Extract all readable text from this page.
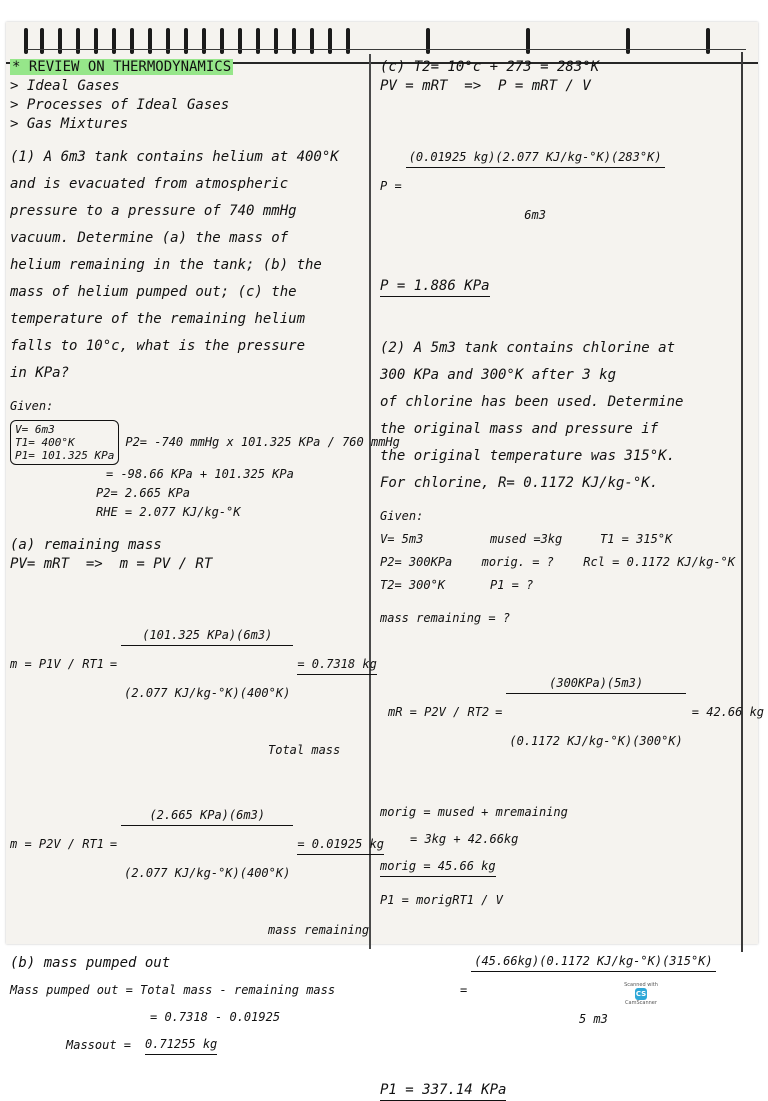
* REVIEW ON THERMODYNAMICS
> Ideal Gases
> Processes of Ideal Gases
> Gas Mixtures
(1) A 6m3 tank contains helium at 400°K
and is evacuated from atmospheric
pressure to a pressure of 740 mmHg
vacuum. Determine (a) the mass of
helium remaining in the tank; (b) the
mass of helium pumped out; (c) the
temperature of the remaining helium
falls to 10°c, what is the pressure
in KPa?
Given:
V= 6m3
T1= 400°K
P1= 101.325 KPa
P2= -740 mmHg x 101.325 KPa / 760 mmHg
= -98.66 KPa + 101.325 KPa
P2= 2.665 KPa
RHE = 2.077 KJ/kg-°K
(a) remaining mass
PV= mRT  =>  m = PV / RT
m = P1V / RT1 =

$\frac{\text{(101.325 KPa)(6m3)}}{(2.077 KJ/kg-^\circ K)(400^\circ K)}$

= 0.7318 kg
Total mass
m = P2V / RT1 =

$\frac{\text{(2.665 KPa)(6m3)}}{(2.077 KJ/kg-^\circ K)(400^\circ K)}$

= 0.01925 kg
mass remaining
(b) mass pumped out
Mass pumped out = Total mass - remaining mass
= 0.7318 - 0.01925
Massout = 0.71255 kg
(c) T2= 10°c + 273 = 283°K
PV = mRT  =>  P = mRT / V
P =

$\frac{(0.01925 kg)(2.077 KJ/kg-^\circ K)(283^\circ K)}{6m3}$

P = 1.886 KPa
(2) A 5m3 tank contains chlorine at
300 KPa and 300°K after 3 kg
of chlorine has been used. Determine
the original mass and pressure if
the original temperature was 315°K.
For chlorine, R= 0.1172 KJ/kg-°K.
Given:
V= 5m3	mused =3kg	T1 = 315°K
P2= 300KPa	morig. = ?	Rcl = 0.1172 KJ/kg-°K
T2= 300°K	P1 = ?
mass remaining = ?
mR = P2V / RT2 =

$\frac{\text{(300KPa)(5m3)}}{(0.1172 KJ/kg-^\circ K)(300^\circ K)}$

= 42.66 kg
morig = mused + mremaining
= 3kg + 42.66kg
morig = 45.66 kg
P1 = morigRT1 / V
=

$\frac{(45.66kg)(0.1172 KJ/kg-^\circ K)(315^\circ K)}{5 m3}$

P1 = 337.14 KPa
Scanned with
CS
CamScanner
